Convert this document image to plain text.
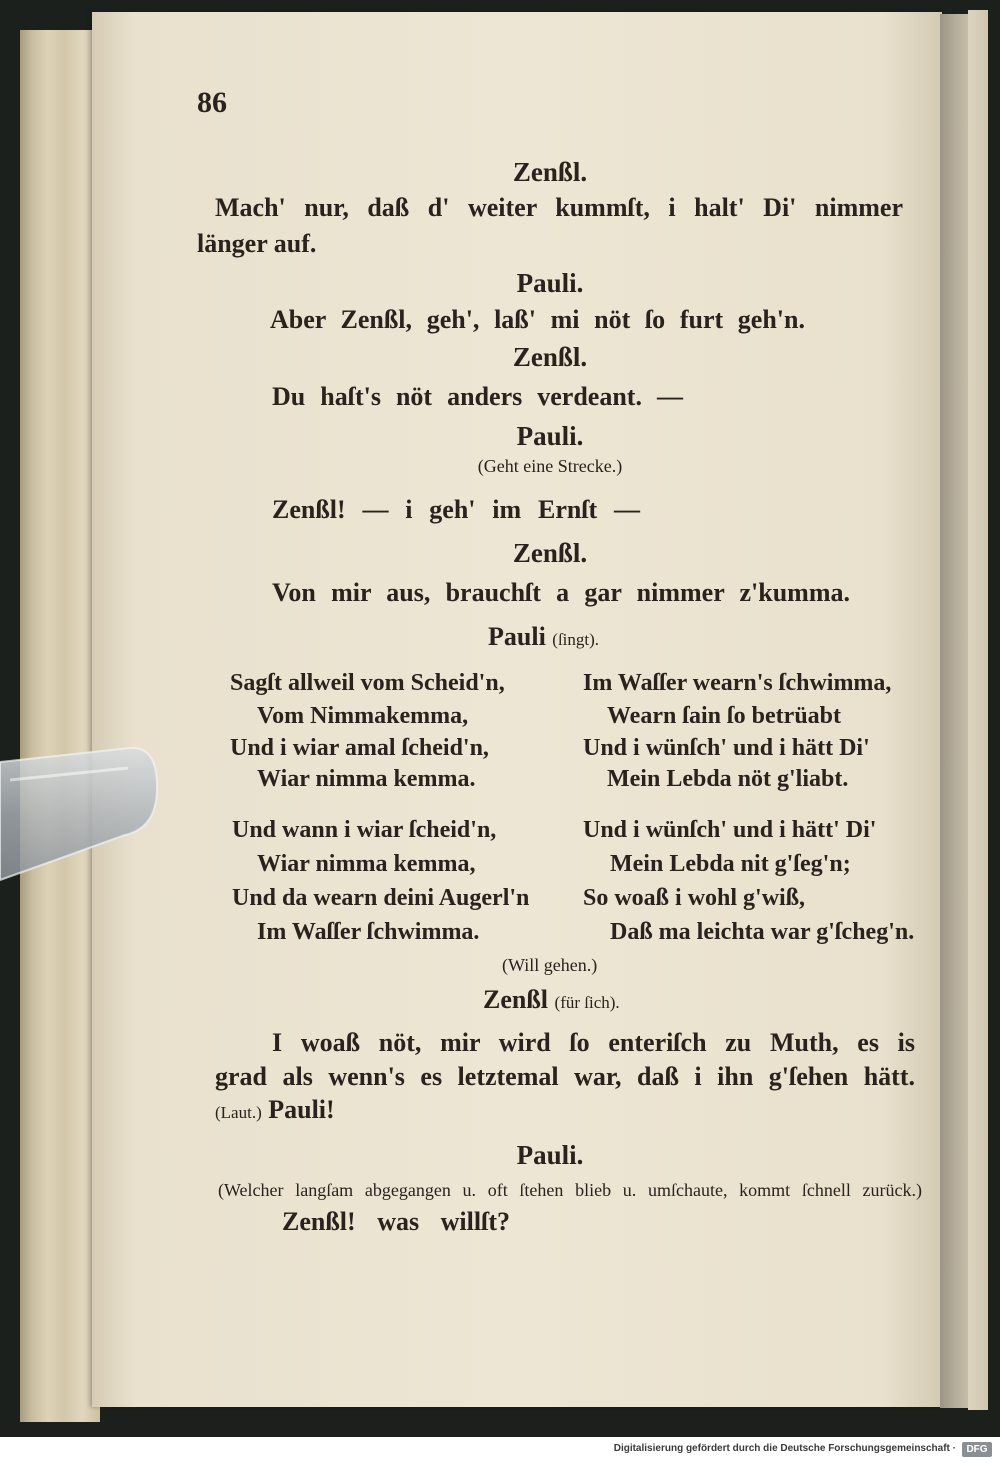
86
Zenßl.
Mach' nur, daß d' weiter kummſt, i halt' Di' nimmer
länger auf.
Pauli.
Aber Zenßl, geh', laß' mi nöt ſo furt geh'n.
Zenßl.
Du haſt's nöt anders verdeant. —
Pauli.
(Geht eine Strecke.)
Zenßl! — i geh' im Ernſt —
Zenßl.
Von mir aus, brauchſt a gar nimmer z'kumma.
Pauli (ſingt).
Sagſt allweil vom Scheid'n,
Vom Nimmakemma,
Und i wiar amal ſcheid'n,
Wiar nimma kemma.
Im Waſſer wearn's ſchwimma,
Wearn ſain ſo betrüabt
Und i wünſch' und i hätt Di'
Mein Lebda nöt g'liabt.
Und wann i wiar ſcheid'n,
Wiar nimma kemma,
Und da wearn deini Augerl'n
Im Waſſer ſchwimma.
Und i wünſch' und i hätt' Di'
Mein Lebda nit g'ſeg'n;
So woaß i wohl g'wiß,
Daß ma leichta war g'ſcheg'n.
(Will gehen.)
Zenßl (für ſich).
I woaß nöt, mir wird ſo enteriſch zu Muth, es is
grad als wenn's es letztemal war, daß i ihn g'ſehen hätt.
(Laut.) Pauli!
Pauli.
(Welcher langſam abgegangen u. oft ſtehen blieb u. umſchaute, kommt ſchnell zurück.)
Zenßl! was willſt?
Digitalisierung gefördert durch die Deutsche Forschungsgemeinschaft ·	DFG
